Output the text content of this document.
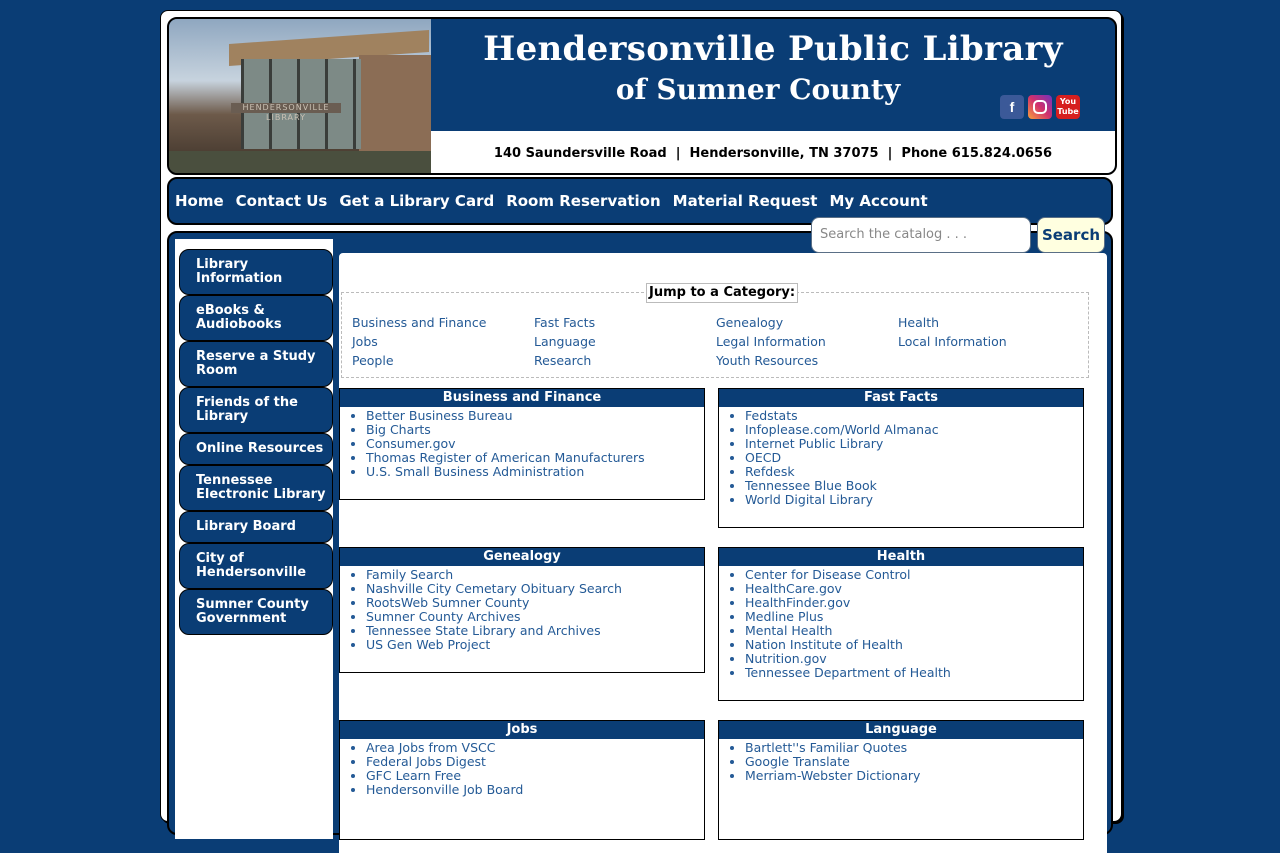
HENDERSONVILLE LIBRARY
Hendersonville Public Library
of Sumner County
f	You Tube
140 Saundersville Road  |  Hendersonville, TN 37075  |  Phone 615.824.0656
Home Contact Us Get a Library Card Room Reservation Material Request My Account
Search the catalog . . .	Search
Library Information
eBooks & Audiobooks
Reserve a Study Room
Friends of the Library
Online Resources
Tennessee Electronic Library
Library Board
City of Hendersonville
Sumner County Government
Jump to a Category:
Business and Finance	Fast Facts	Genealogy	Health
Jobs	Language	Legal Information	Local Information
People	Research	Youth Resources
Business and Finance
• Better Business Bureau
• Big Charts
• Consumer.gov
• Thomas Register of American Manufacturers
• U.S. Small Business Administration
Fast Facts
• Fedstats
• Infoplease.com/World Almanac
• Internet Public Library
• OECD
• Refdesk
• Tennessee Blue Book
• World Digital Library
Genealogy
• Family Search
• Nashville City Cemetary Obituary Search
• RootsWeb Sumner County
• Sumner County Archives
• Tennessee State Library and Archives
• US Gen Web Project
Health
• Center for Disease Control
• HealthCare.gov
• HealthFinder.gov
• Medline Plus
• Mental Health
• Nation Institute of Health
• Nutrition.gov
• Tennessee Department of Health
Jobs
• Area Jobs from VSCC
• Federal Jobs Digest
• GFC Learn Free
• Hendersonville Job Board
Language
• Bartlett''s Familiar Quotes
• Google Translate
• Merriam-Webster Dictionary
